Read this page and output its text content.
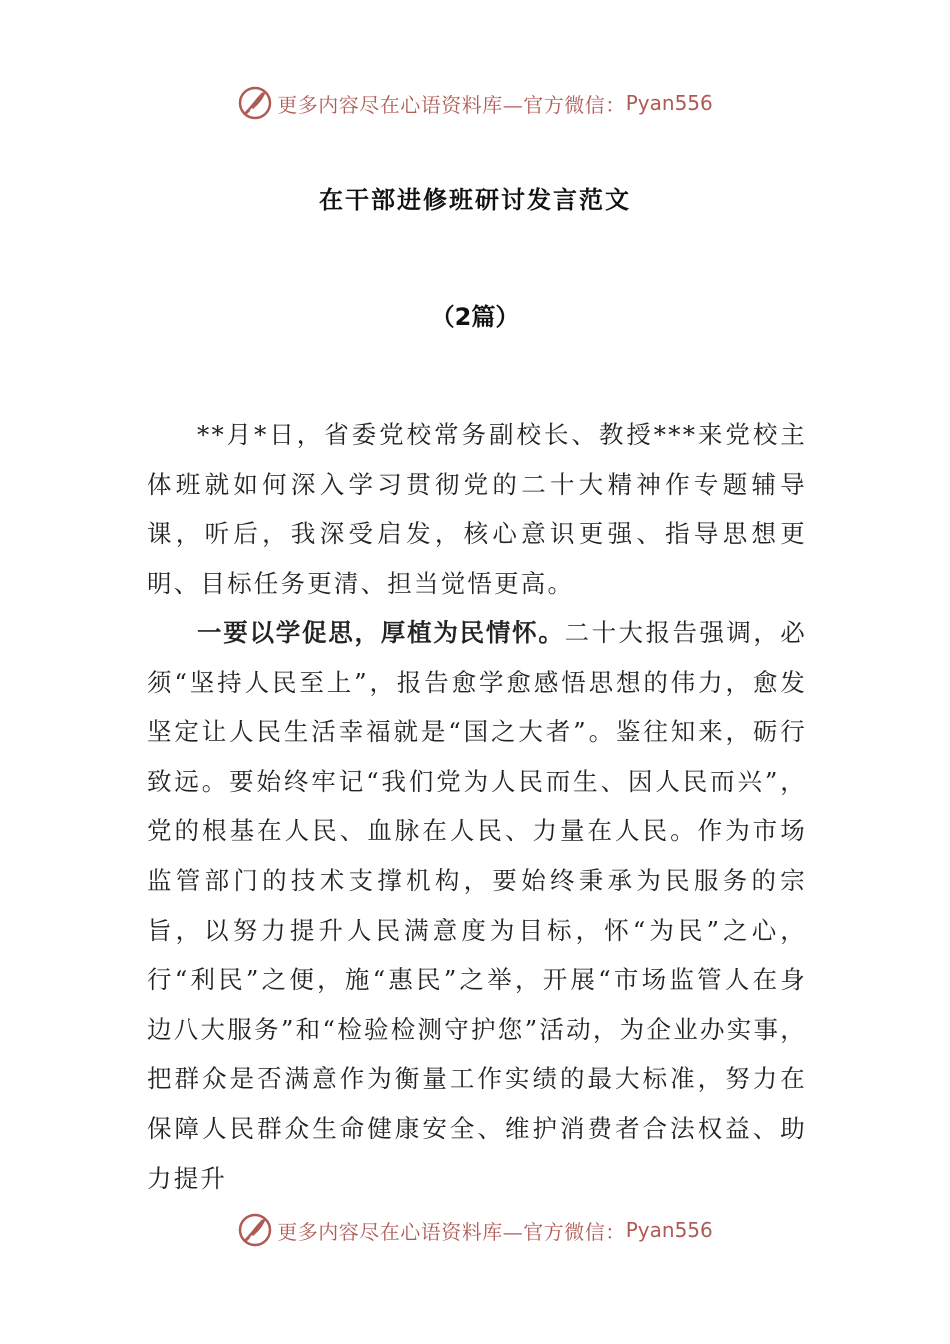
更多内容尽在心语资料库—官方微信： Pyan556
在干部进修班研讨发言范文
（2篇）

**月*日，省委党校常务副校长、教授***来党校主体班就如何深入学习贯彻党的二十大精神作专题辅导课，听后，我深受启发，核心意识更强、指导思想更明、目标任务更清、担当觉悟更高。

一要以学促思，厚植为民情怀。二十大报告强调，必须“坚持人民至上”，报告愈学愈感悟思想的伟力，愈发坚定让人民生活幸福就是“国之大者”。鉴往知来，砺行致远。要始终牢记“我们党为人民而生、因人民而兴”，党的根基在人民、血脉在人民、力量在人民。作为市场监管部门的技术支撑机构，要始终秉承为民服务的宗旨，以努力提升人民满意度为目标，怀“为民”之心，行“利民”之便，施“惠民”之举，开展“市场监管人在身边八大服务”和“检验检测守护您”活动，为企业办实事，把群众是否满意作为衡量工作实绩的最大标准，努力在保障人民群众生命健康安全、维护消费者合法权益、助力提升

更多内容尽在心语资料库—官方微信： Pyan556
